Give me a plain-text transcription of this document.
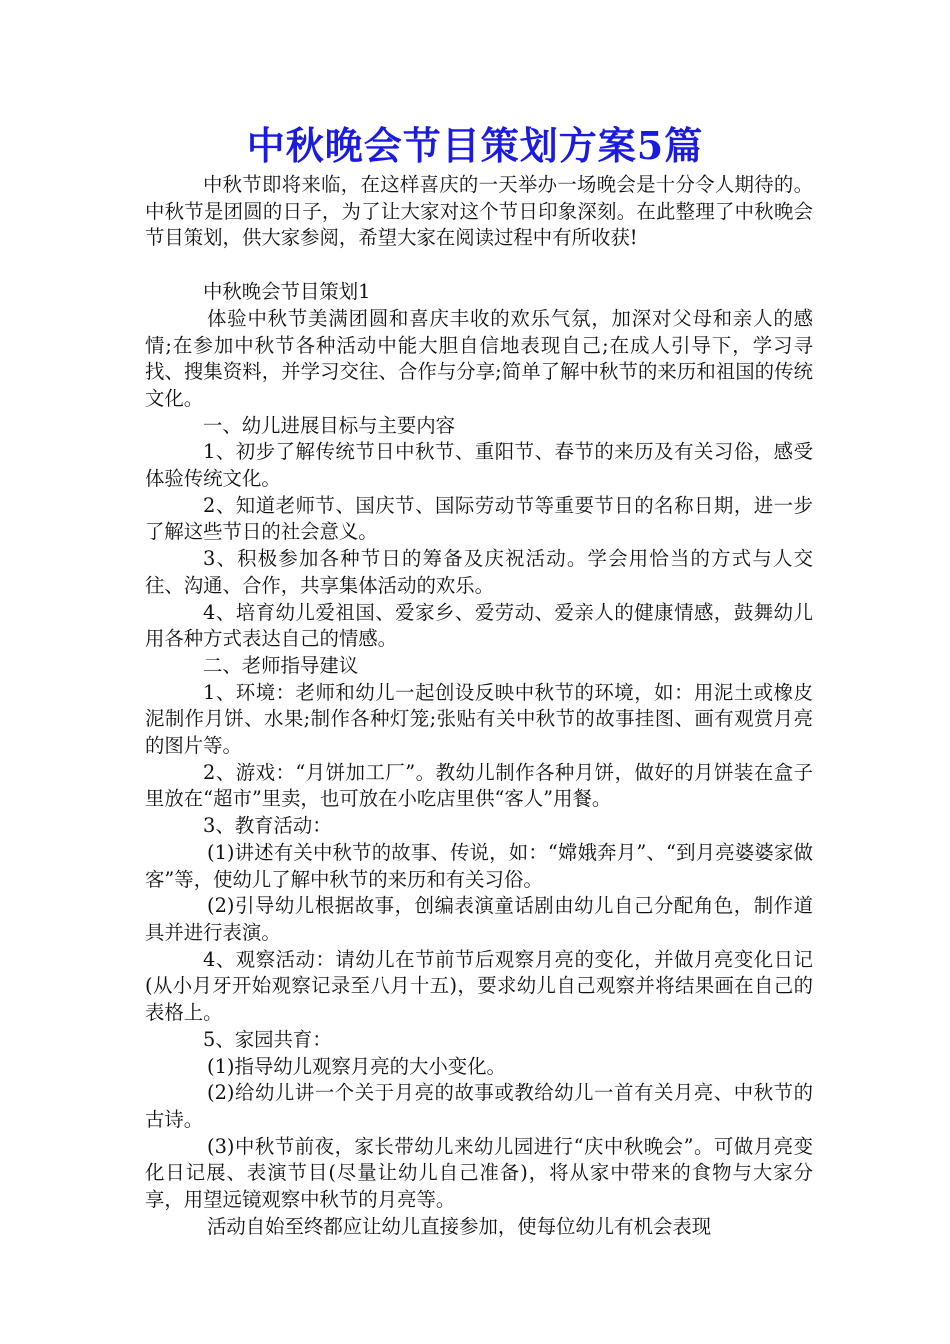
中秋晚会节目策划方案5篇

中秋节即将来临，在这样喜庆的一天举办一场晚会是十分令人期待的。中秋节是团圆的日子，为了让大家对这个节日印象深刻。在此整理了中秋晚会节目策划，供大家参阅，希望大家在阅读过程中有所收获!

中秋晚会节目策划1

体验中秋节美满团圆和喜庆丰收的欢乐气氛，加深对父母和亲人的感情;在参加中秋节各种活动中能大胆自信地表现自己;在成人引导下，学习寻找、搜集资料，并学习交往、合作与分享;简单了解中秋节的来历和祖国的传统文化。

一、幼儿进展目标与主要内容

1、初步了解传统节日中秋节、重阳节、春节的来历及有关习俗，感受体验传统文化。

2、知道老师节、国庆节、国际劳动节等重要节日的名称日期，进一步了解这些节日的社会意义。

3、积极参加各种节日的筹备及庆祝活动。学会用恰当的方式与人交往、沟通、合作，共享集体活动的欢乐。

4、培育幼儿爱祖国、爱家乡、爱劳动、爱亲人的健康情感，鼓舞幼儿用各种方式表达自己的情感。

二、老师指导建议

1、环境：老师和幼儿一起创设反映中秋节的环境，如：用泥土或橡皮泥制作月饼、水果;制作各种灯笼;张贴有关中秋节的故事挂图、画有观赏月亮的图片等。

2、游戏：“月饼加工厂”。教幼儿制作各种月饼，做好的月饼装在盒子里放在“超市”里卖，也可放在小吃店里供“客人”用餐。

3、教育活动：

(1)讲述有关中秋节的故事、传说，如：“嫦娥奔月”、“到月亮婆婆家做客”等，使幼儿了解中秋节的来历和有关习俗。

(2)引导幼儿根据故事，创编表演童话剧由幼儿自己分配角色，制作道具并进行表演。

4、观察活动：请幼儿在节前节后观察月亮的变化，并做月亮变化日记(从小月牙开始观察记录至八月十五)，要求幼儿自己观察并将结果画在自己的表格上。

5、家园共育：

(1)指导幼儿观察月亮的大小变化。

(2)给幼儿讲一个关于月亮的故事或教给幼儿一首有关月亮、中秋节的古诗。

(3)中秋节前夜，家长带幼儿来幼儿园进行“庆中秋晚会”。可做月亮变化日记展、表演节目(尽量让幼儿自己准备)，将从家中带来的食物与大家分享，用望远镜观察中秋节的月亮等。

活动自始至终都应让幼儿直接参加，使每位幼儿有机会表现
